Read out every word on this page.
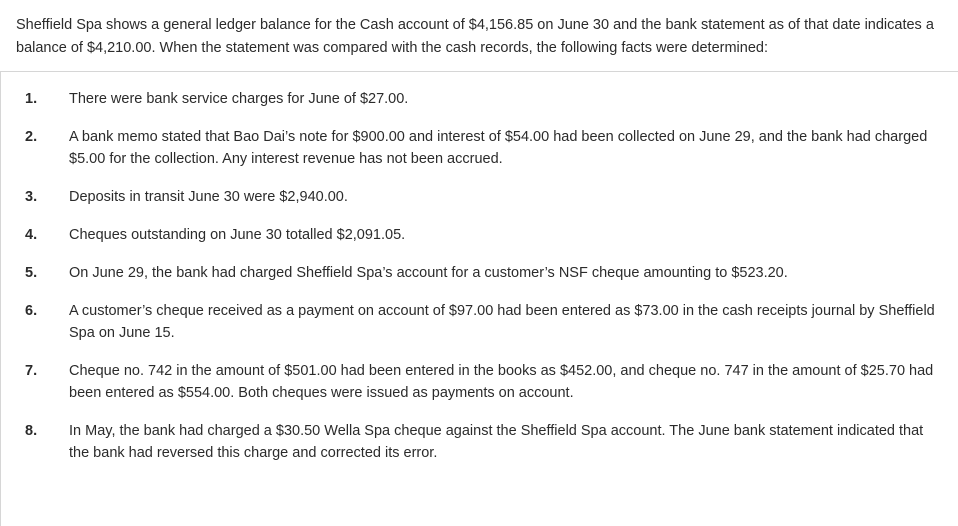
Sheffield Spa shows a general ledger balance for the Cash account of $4,156.85 on June 30 and the bank statement as of that date indicates a balance of $4,210.00. When the statement was compared with the cash records, the following facts were determined:
1. There were bank service charges for June of $27.00.
2. A bank memo stated that Bao Dai’s note for $900.00 and interest of $54.00 had been collected on June 29, and the bank had charged $5.00 for the collection. Any interest revenue has not been accrued.
3. Deposits in transit June 30 were $2,940.00.
4. Cheques outstanding on June 30 totalled $2,091.05.
5. On June 29, the bank had charged Sheffield Spa’s account for a customer’s NSF cheque amounting to $523.20.
6. A customer’s cheque received as a payment on account of $97.00 had been entered as $73.00 in the cash receipts journal by Sheffield Spa on June 15.
7. Cheque no. 742 in the amount of $501.00 had been entered in the books as $452.00, and cheque no. 747 in the amount of $25.70 had been entered as $554.00. Both cheques were issued as payments on account.
8. In May, the bank had charged a $30.50 Wella Spa cheque against the Sheffield Spa account. The June bank statement indicated that the bank had reversed this charge and corrected its error.
